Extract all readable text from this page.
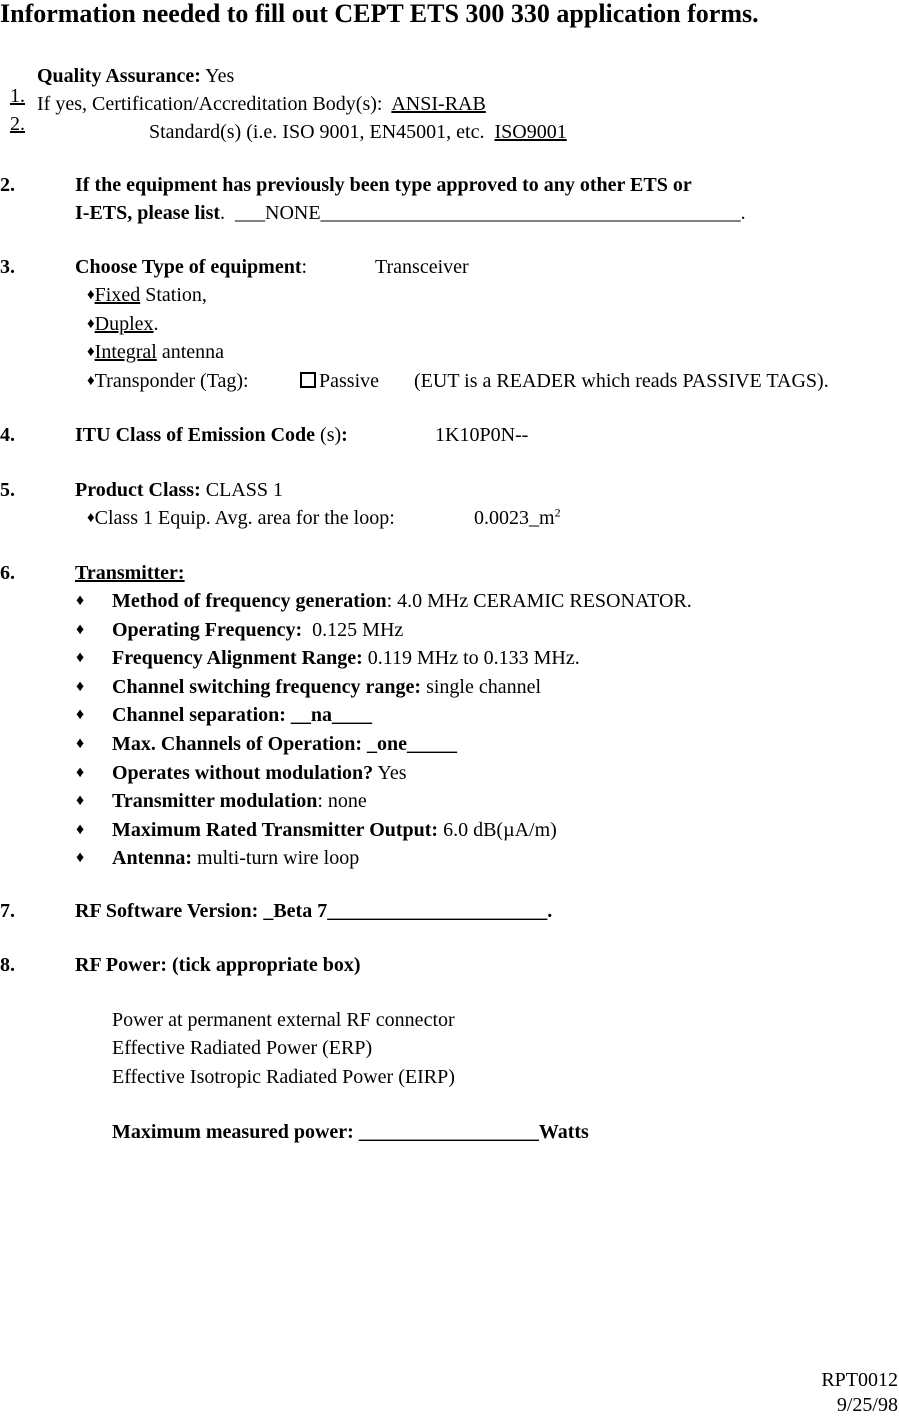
Information needed to fill out CEPT ETS 300 330 application forms.

1.

Quality Assurance: Yes

2.

If yes, Certification/Accreditation Body(s):  ANSI-RAB
Standard(s) (i.e. ISO 9001, EN45001, etc.  ISO9001
2.	If the equipment has previously been type approved to any other ETS or
I-ETS, please list.  ___NONE__________________________________________.
3.	Choose Type of equipment:	Transceiver
♦Fixed Station,
♦Duplex.
♦Integral antenna
♦Transponder (Tag):	Passive (EUT is a READER which reads PASSIVE TAGS).
4.	ITU Class of Emission Code (s):	1K10P0N--
5.	Product Class: CLASS 1
♦Class 1 Equip. Avg. area for the loop:	$0.0023\_m^2$
6.	Transmitter:
♦ Method of frequency generation: 4.0 MHz CERAMIC RESONATOR.
♦ Operating Frequency:  0.125 MHz
♦ Frequency Alignment Range: 0.119 MHz to 0.133 MHz.
♦ Channel switching frequency range: single channel
♦ Channel separation: __na____
♦ Max. Channels of Operation: _one_____
♦ Operates without modulation? Yes
♦ Transmitter modulation: none
♦ Maximum Rated Transmitter Output: 6.0 dB(µA/m)
♦ Antenna: multi-turn wire loop
7.	RF Software Version: _Beta 7______________________.
8.	RF Power: (tick appropriate box)
Power at permanent external RF connector
Effective Radiated Power (ERP)
Effective Isotropic Radiated Power (EIRP)
Maximum measured power: __________________Watts
RPT0012
9/25/98
